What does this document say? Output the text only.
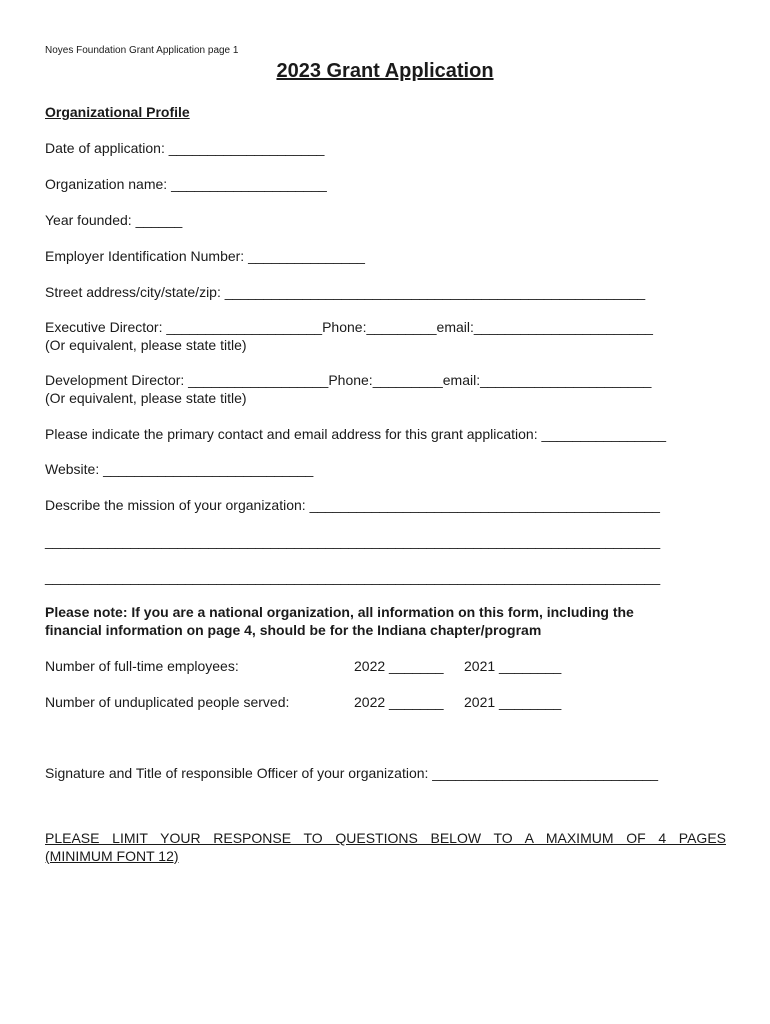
Noyes Foundation Grant Application page 1
2023 Grant Application
Organizational Profile
Date of application: ____________________
Organization name: ____________________
Year founded: ______
Employer Identification Number: _______________
Street address/city/state/zip: ______________________________________________________
Executive Director: ____________________Phone:_________email:_______________________
(Or equivalent, please state title)
Development Director: __________________Phone:_________email:______________________
(Or equivalent, please state title)
Please indicate the primary contact and email address for this grant application: ________________
Website: ___________________________
Describe the mission of your organization: _____________________________________________
_______________________________________________________________________________
_______________________________________________________________________________
Please note: If you are a national organization, all information on this form, including the
financial information on page 4, should be for the Indiana chapter/program
Number of full-time employees:	2022 _______ 2021 ________
Number of unduplicated people served:	2022 _______ 2021 ________
Signature and Title of responsible Officer of your organization: _____________________________
PLEASE LIMIT YOUR RESPONSE TO QUESTIONS BELOW TO A MAXIMUM OF 4 PAGES
(MINIMUM FONT 12)
